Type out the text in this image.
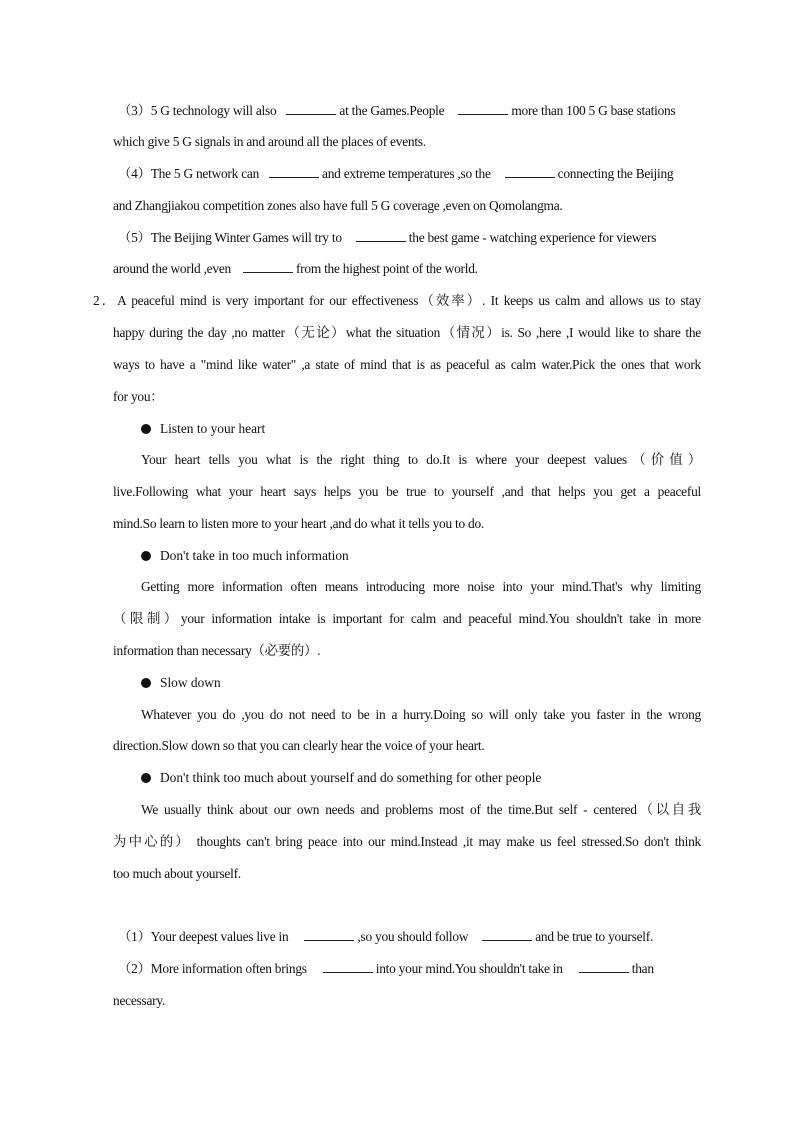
（3）5 G technology will also	at the Games.People	more than 100 5 G base stations
which give 5 G signals in and around all the places of events.
（4）The 5 G network can	and extreme temperatures ,so the	connecting the Beijing
and Zhangjiakou competition zones also have full 5 G coverage ,even on Qomolangma.
（5）The Beijing Winter Games will try to	the best game - watching experience for viewers
around the world ,even	from the highest point of the world.
2．A peaceful mind is very important for our effectiveness（效率）. It keeps us calm and allows us to stay
happy during the day ,no matter（无论）what the situation（情况）is. So ,here ,I would like to share the
ways to have a "mind like water" ,a state of mind that is as peaceful as calm water.Pick the ones that work
for you：
Listen to your heart
Your heart tells you what is the right thing to do.It is where your deepest values（价值）
live.Following what your heart says helps you be true to yourself ,and that helps you get a peaceful
mind.So learn to listen more to your heart ,and do what it tells you to do.
Don't take in too much information
Getting more information often means introducing more noise into your mind.That's why limiting
（限制）your information intake is important for calm and peaceful mind.You shouldn't take in more
information than necessary（必要的）.
Slow down
Whatever you do ,you do not need to be in a hurry.Doing so will only take you faster in the wrong
direction.Slow down so that you can clearly hear the voice of your heart.
Don't think too much about yourself and do something for other people
We usually think about our own needs and problems most of the time.But self - centered（以自我
为中心的） thoughts can't bring peace into our mind.Instead ,it may make us feel stressed.So don't think
too much about yourself.
（1）Your deepest values live in	,so you should follow	and be true to yourself.
（2）More information often brings	into your mind.You shouldn't take in	than
necessary.
